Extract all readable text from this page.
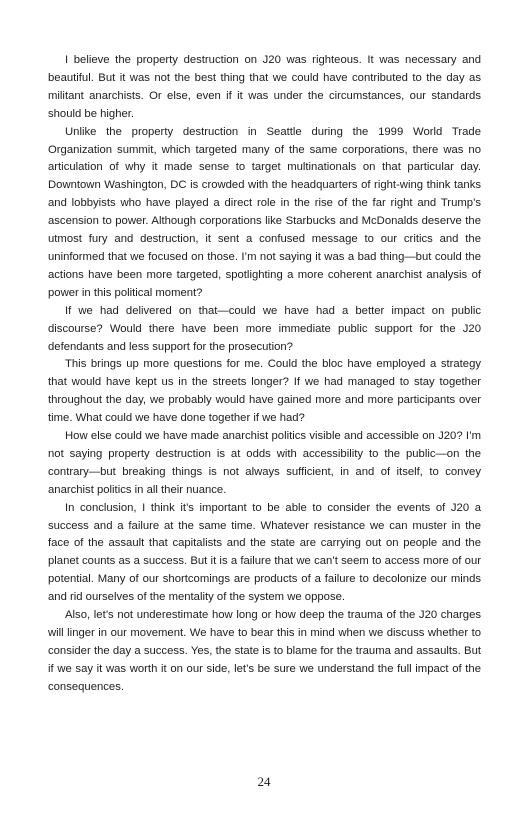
I believe the property destruction on J20 was righteous. It was necessary and beautiful. But it was not the best thing that we could have contributed to the day as militant anarchists. Or else, even if it was under the circumstances, our standards should be higher.

Unlike the property destruction in Seattle during the 1999 World Trade Organization summit, which targeted many of the same corporations, there was no articulation of why it made sense to target multinationals on that particular day. Downtown Washington, DC is crowded with the headquarters of right-wing think tanks and lobbyists who have played a direct role in the rise of the far right and Trump’s ascension to power. Although corporations like Starbucks and McDonalds deserve the utmost fury and destruction, it sent a confused message to our critics and the uninformed that we focused on those. I’m not saying it was a bad thing—but could the actions have been more targeted, spotlighting a more coherent anarchist analysis of power in this political moment?

If we had delivered on that—could we have had a better impact on public discourse? Would there have been more immediate public support for the J20 defendants and less support for the prosecution?

This brings up more questions for me. Could the bloc have employed a strategy that would have kept us in the streets longer? If we had managed to stay together throughout the day, we probably would have gained more and more participants over time. What could we have done together if we had?

How else could we have made anarchist politics visible and accessible on J20? I’m not saying property destruction is at odds with accessibility to the public—on the contrary—but breaking things is not always sufficient, in and of itself, to convey anarchist politics in all their nuance.

In conclusion, I think it’s important to be able to consider the events of J20 a success and a failure at the same time. Whatever resistance we can muster in the face of the assault that capitalists and the state are carrying out on people and the planet counts as a success. But it is a failure that we can’t seem to access more of our potential. Many of our shortcomings are products of a failure to decolonize our minds and rid ourselves of the mentality of the system we oppose.

Also, let’s not underestimate how long or how deep the trauma of the J20 charges will linger in our movement. We have to bear this in mind when we discuss whether to consider the day a success. Yes, the state is to blame for the trauma and assaults. But if we say it was worth it on our side, let’s be sure we understand the full impact of the consequences.

24
